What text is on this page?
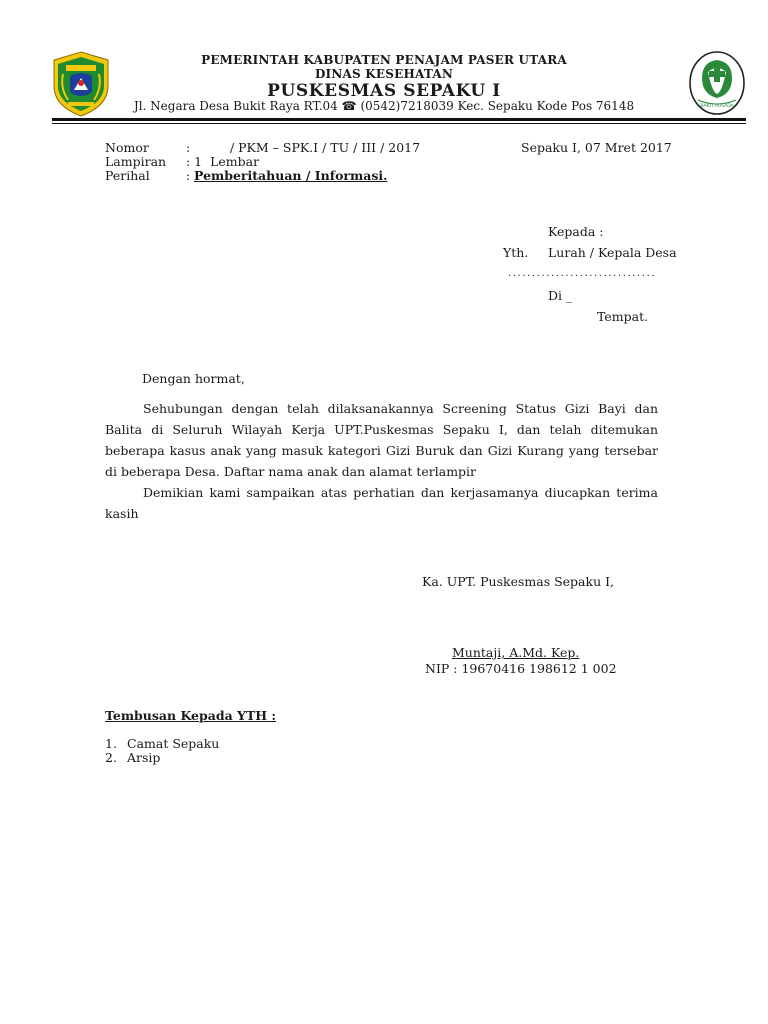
BAKTI HUSADA
PEMERINTAH KABUPATEN PENAJAM PASER UTARA
DINAS KESEHATAN
PUSKESMAS SEPAKU I
Jl. Negara Desa Bukit Raya RT.04 ☎ (0542)7218039 Kec. Sepaku Kode Pos 76148
Nomor	:          / PKM – SPK.I / TU / III / 2017	Sepaku I, 07 Mret 2017
Lampiran : 1  Lembar
Perihal	: Pemberitahuan / Informasi.
Kepada :
Yth. Lurah / Kepala Desa
...............................
Di _
Tempat.
Dengan hormat,
Sehubungan dengan telah dilaksanakannya Screening Status Gizi Bayi dan Balita di Seluruh Wilayah Kerja UPT.Puskesmas Sepaku I, dan telah ditemukan beberapa kasus anak yang masuk kategori Gizi Buruk dan Gizi Kurang yang tersebar di beberapa Desa. Daftar nama anak dan alamat terlampir
Demikian kami sampaikan atas perhatian dan kerjasamanya diucapkan terima kasih
Ka. UPT. Puskesmas Sepaku I,
Muntaji, A.Md. Kep.
NIP : 19670416 198612 1 002
Tembusan Kepada YTH :
1. Camat Sepaku
2. Arsip
